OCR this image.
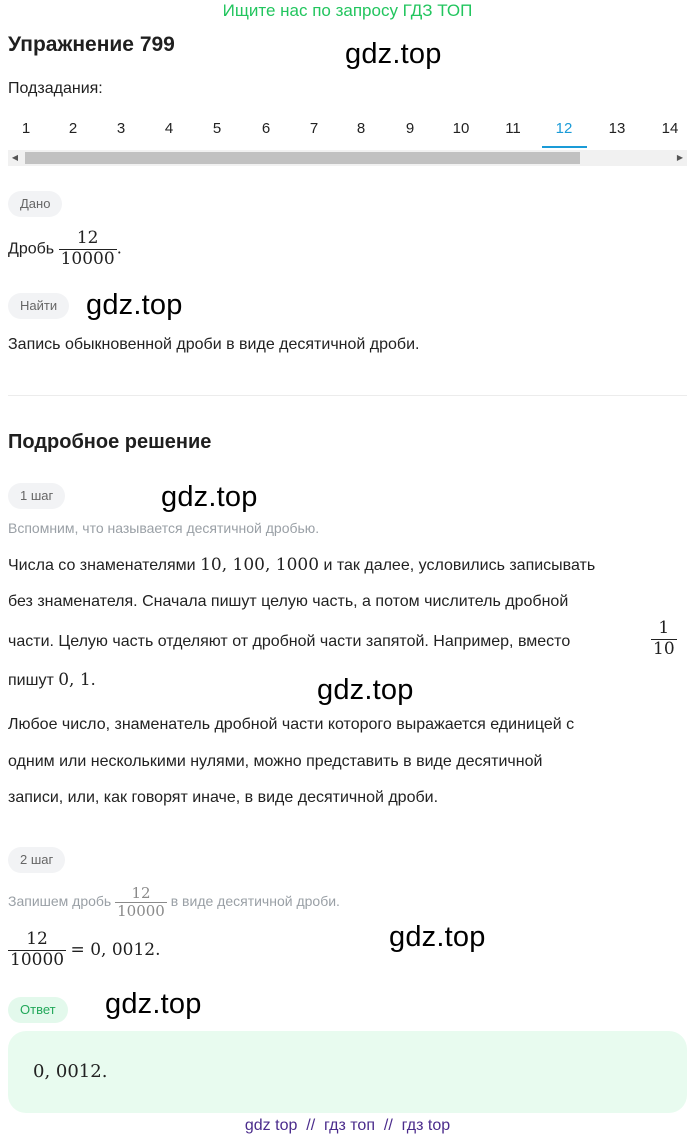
Ищите нас по запросу ГДЗ ТОП
Упражнение 799	gdz.top
Подзадания:
1	2	3	4	5	6	7	8	9	10	11	12	13	14
◀	▶
Дано
Дробь $\frac{12}{10000}$ .
Найти gdz.top
Запись обыкновенной дроби в виде десятичной дроби.
Подробное решение
1 шаг	gdz.top
Вспомним, что называется десятичной дробью.
Числа со знаменателями 10, 100, 1000 и так далее, условились записывать
без знаменателя. Сначала пишут целую часть, а потом числитель дробной
части. Целую часть отделяют от дробной части запятой. Например, вместо	$\frac{1}{10}$
пишут 0, 1.	gdz.top
Любое число, знаменатель дробной части которого выражается единицей с
одним или несколькими нулями, можно представить в виде десятичной
записи, или, как говорят иначе, в виде десятичной дроби.
2 шаг
Запишем дробь $\frac{12}{10000}$ в виде десятичной дроби.
$\frac{12}{10000} = 0$, 0012.	gdz.top
Ответ	gdz.top
0, 0012.
gdz top  //  гдз топ  //  гдз top
